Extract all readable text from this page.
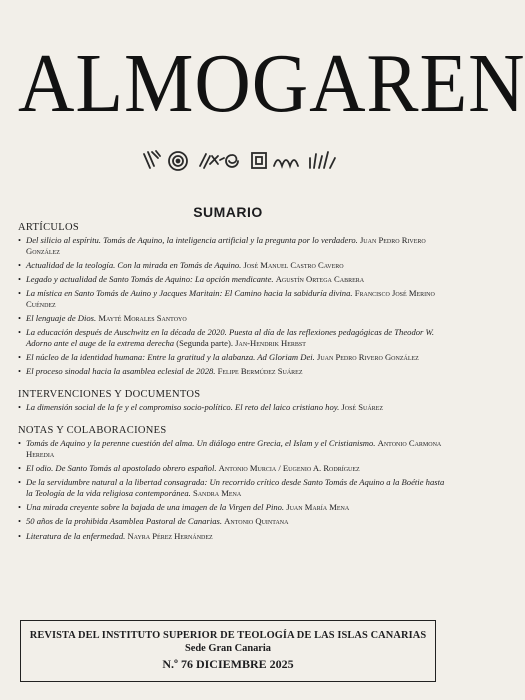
ALMOGAREN
SUMARIO
ARTÍCULOS
• Del silicio al espíritu. Tomás de Aquino, la inteligencia artificial y la pregunta por lo verdadero. Juan Pedro Rivero González
• Actualidad de la teología. Con la mirada en Tomás de Aquino. José Manuel Castro Cavero
• Legado y actualidad de Santo Tomás de Aquino: La opción mendicante. Agustín Ortega Cabrera
• La mística en Santo Tomás de Auino y Jacques Maritain: El Camino hacia la sabiduría divina. Francisco José Merino Cuéndez
• El lenguaje de Dios. Mayté Morales Santoyo
• La educación después de Auschwitz en la década de 2020. Puesta al día de las reflexiones pedagógicas de Theodor W. Adorno ante el auge de la extrema derecha (Segunda parte). Jan-Hendrik Herbst
• El núcleo de la identidad humana: Entre la gratitud y la alabanza. Ad Gloriam Dei. Juan Pedro Rivero González
• El proceso sinodal hacia la asamblea eclesial de 2028. Felipe Bermúdez Suárez
INTERVENCIONES Y DOCUMENTOS
• La dimensión social de la fe y el compromiso socio-político. El reto del laico cristiano hoy. José Suárez
NOTAS Y COLABORACIONES
• Tomás de Aquino y la perenne cuestión del alma. Un diálogo entre Grecia, el Islam y el Cristianismo. Antonio Carmona Heredia
• El odio. De Santo Tomás al apostolado obrero español. Antonio Murcia / Eugenio A. Rodríguez
• De la servidumbre natural a la libertad consagrada: Un recorrido crítico desde Santo Tomás de Aquino a la Boétie hasta la Teología de la vida religiosa contemporánea. Sandra Mena
• Una mirada creyente sobre la bajada de una imagen de la Virgen del Pino. Juan María Mena
• 50 años de la prohibida Asamblea Pastoral de Canarias. Antonio Quintana
• Literatura de la enfermedad. Nayra Pérez Hernández
REVISTA DEL INSTITUTO SUPERIOR DE TEOLOGÍA DE LAS ISLAS CANARIAS
Sede Gran Canaria
N.º 76 DICIEMBRE 2025
